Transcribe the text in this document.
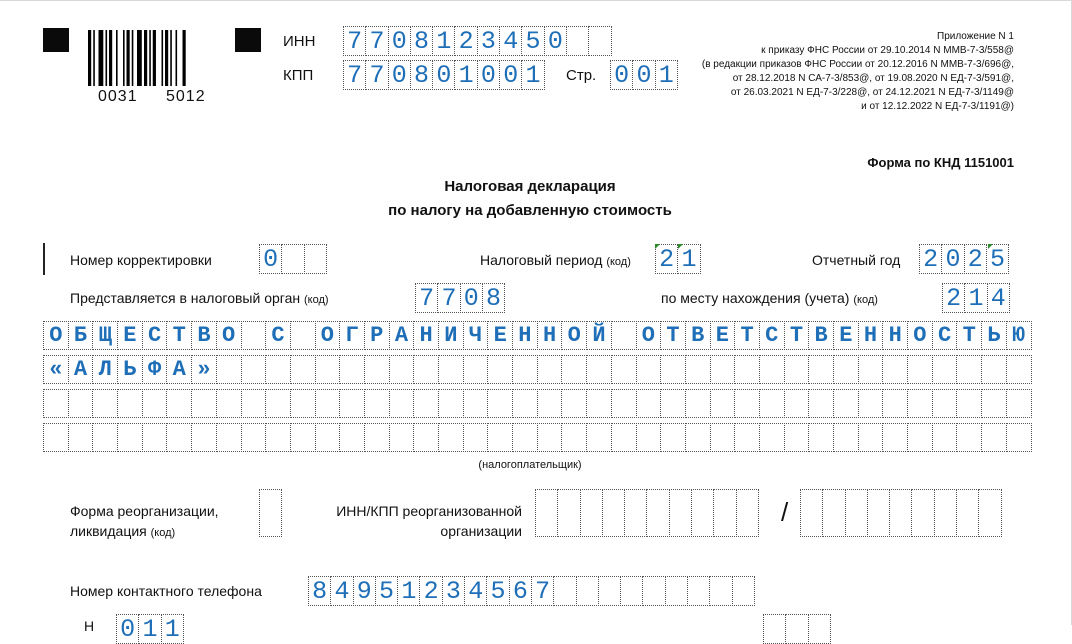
0031 5012
ИНН 7 7 0 8 1 2 3 4 5 0
КПП 7 7 0 8 0 1 0 0 1 Стр. 0 0 1
Приложение N 1
к приказу ФНС России от 29.10.2014 N ММВ-7-3/558@
(в редакции приказов ФНС России от 20.12.2016 N ММВ-7-3/696@,
от 28.12.2018 N СА-7-3/853@, от 19.08.2020 N ЕД-7-3/591@,
от 26.03.2021 N ЕД-7-3/228@, от 24.12.2021 N ЕД-7-3/1149@
и от 12.12.2022 N ЕД-7-3/1191@)
Форма по КНД 1151001
Налоговая декларация
по налогу на добавленную стоимость
Номер корректировки 0	Налоговый период (код) 2 1	Отчетный год 2 0 2 5
Представляется в налоговый орган (код)	7 7 0 8	по месту нахождения (учета) (код)	2 1 4
О Б Щ Е С Т В О С О Г Р А Н И Ч Е Н Н О Й О Т В Е Т С Т В Е Н Н О С Т Ь Ю
« А Л Ь Ф А »
(налогоплательщик)
Форма реорганизации,
ликвидация (код)
ИНН/КПП реорганизованной
организации
/
Номер контактного телефона 8 4 9 5 1 2 3 4 5 6 7
Н 0 1 1
